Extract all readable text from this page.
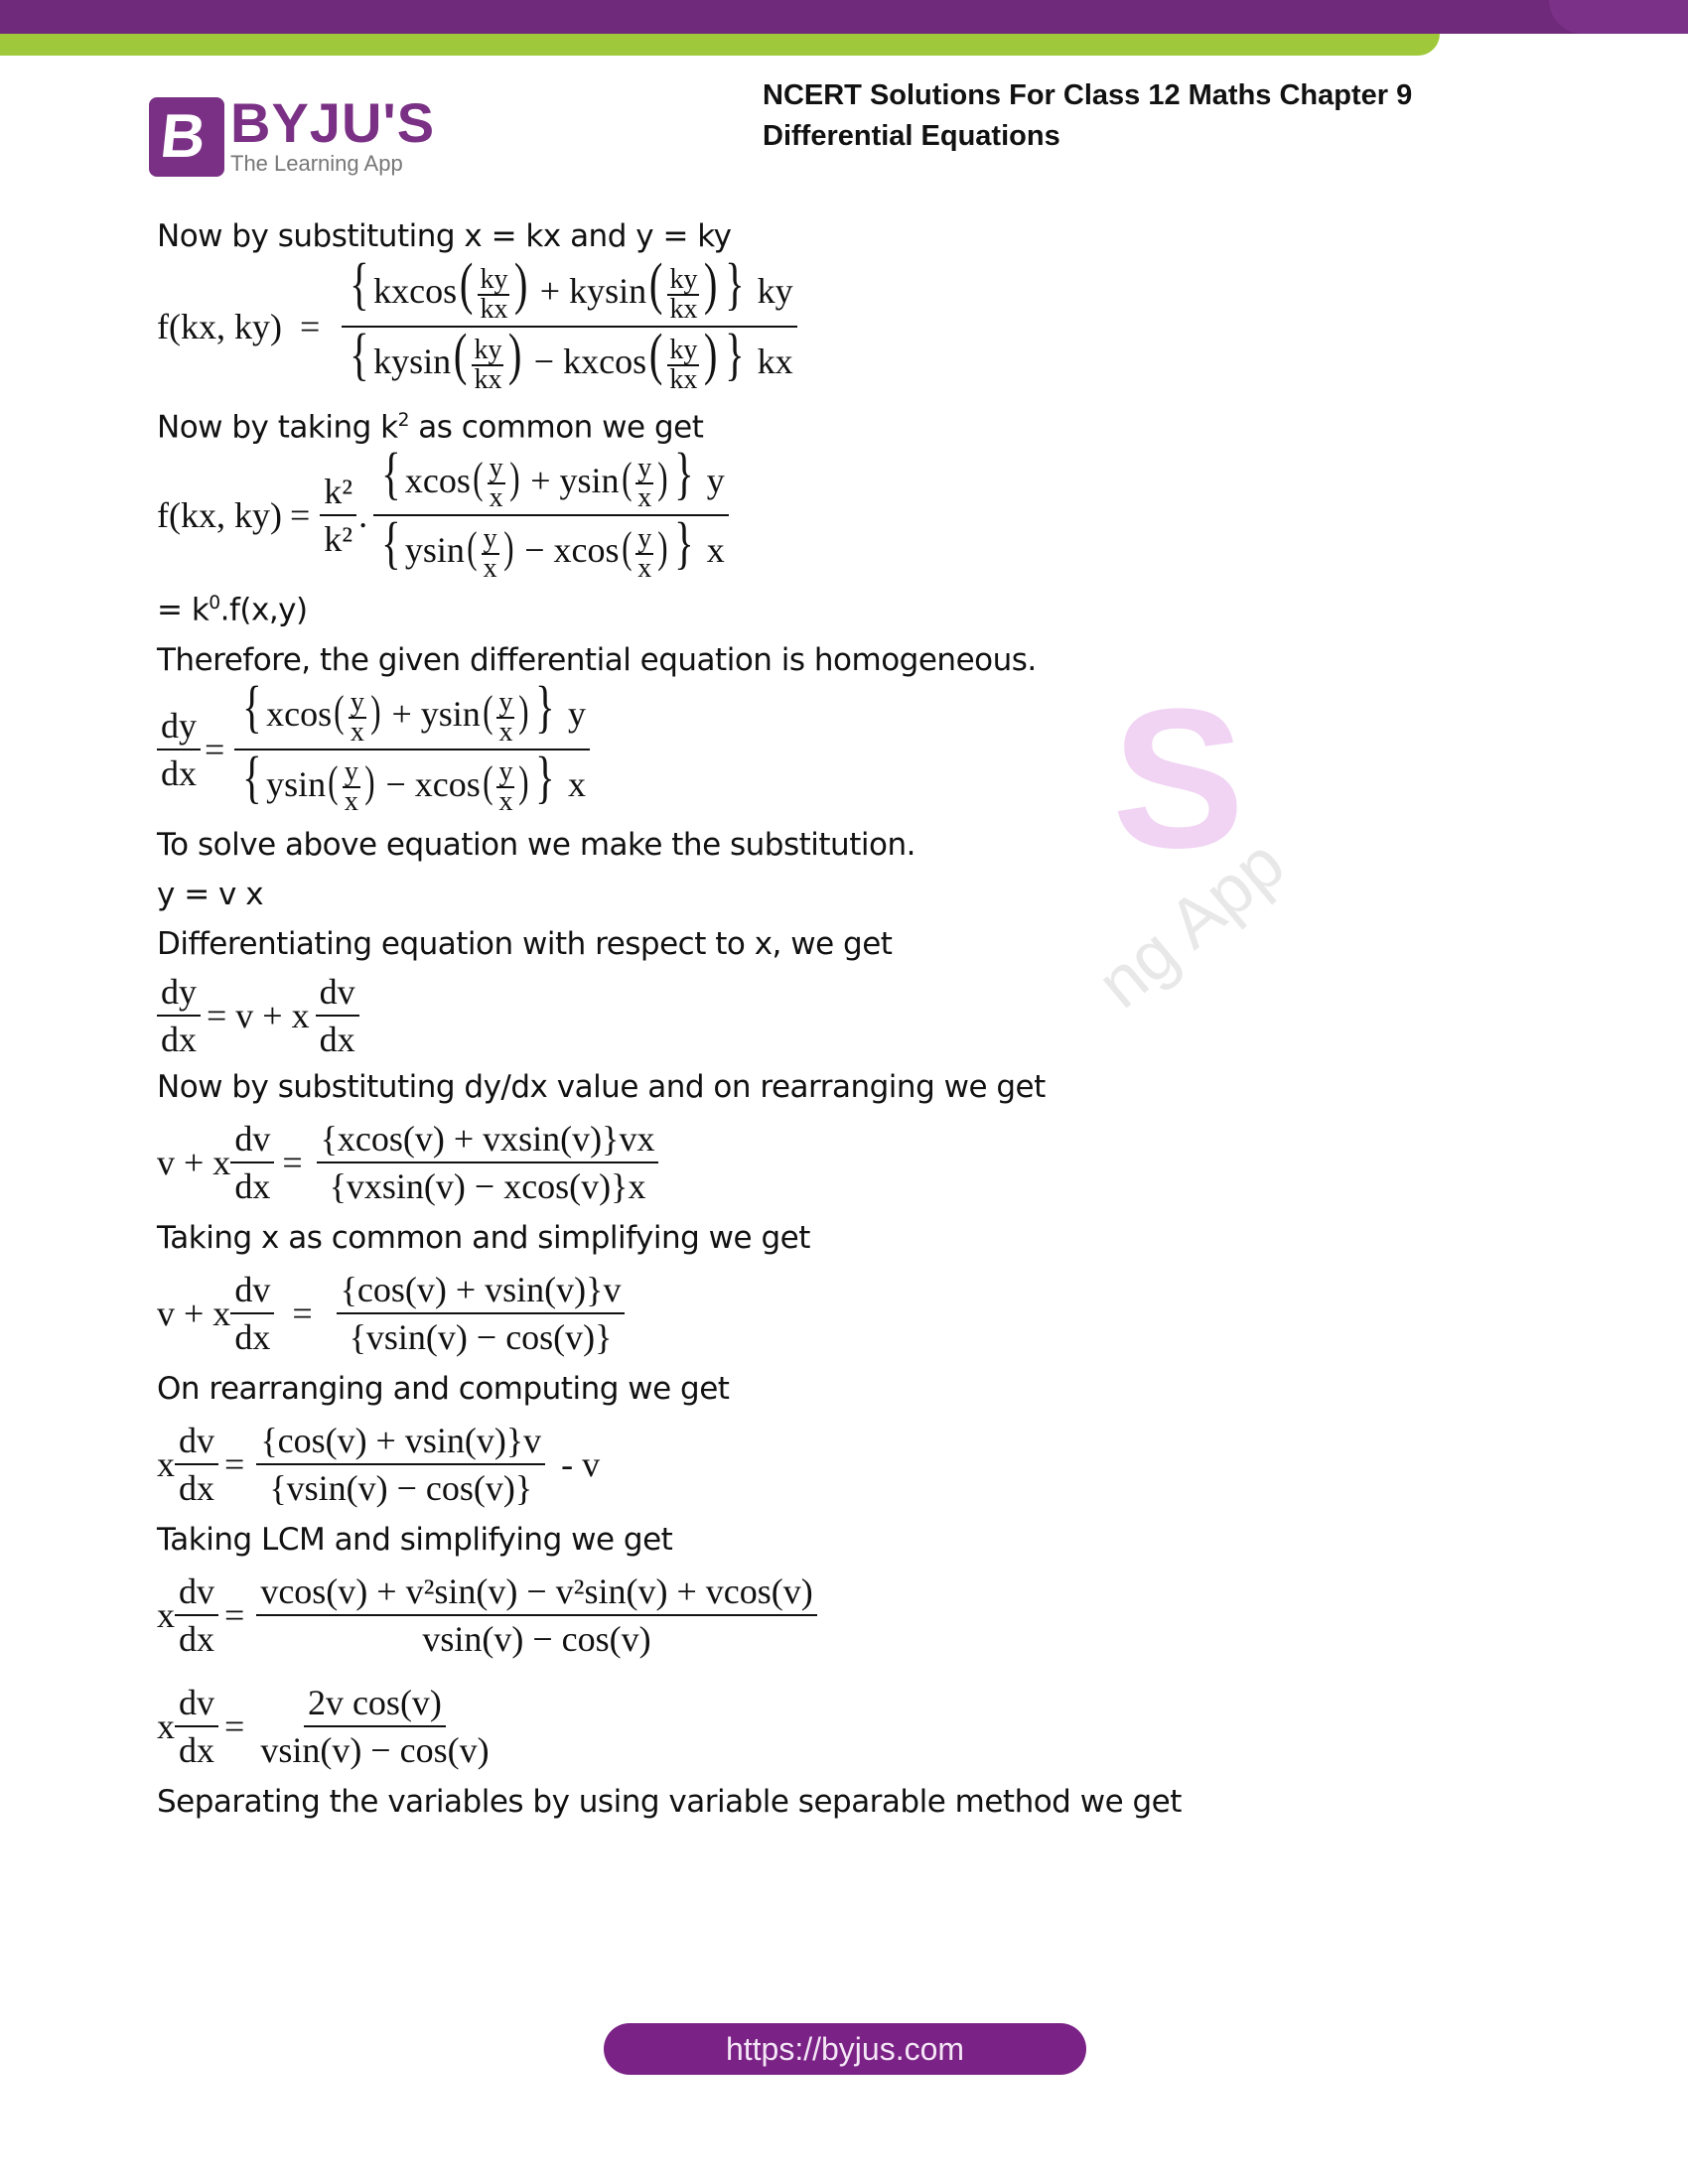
B BYJU'S
The Learning App
NCERT Solutions For Class 12 Maths Chapter 9
Differential Equations
S
ng App

Now by substituting x = kx and y = ky

f(kx, $ky) = \frac{\{ kxcos( \frac{ky}{kx} ) + kysin( \frac{ky}{kx} ) \} ky}{\{ kysin( \frac{ky}{kx} ) - kxcos( \frac{ky}{kx} ) \} kx}$

Now by taking $k^2$ as common we get

f(kx, $ky) = \frac{\text{k²}}{\text{k²}}$ . $\frac{\{ xcos( \frac{y}{x} ) + ysin( \frac{y}{x} ) \} y}{\{ ysin( \frac{y}{x} ) - xcos( \frac{y}{x} ) \} x}$

= $k^0.f(x,y)$

Therefore, the given differential equation is homogeneous.

$\frac{dy}{dx} = \frac{\{ xcos( \frac{y}{x} ) + ysin( \frac{y}{x} ) \} y}{\{ ysin( \frac{y}{x} ) - xcos( \frac{y}{x} ) \} x}$

To solve above equation we make the substitution.

y = v x

Differentiating equation with respect to x, we get

$\frac{dy}{dx} = v + x \frac{dv}{dx}$

Now by substituting dy/dx value and on rearranging we get

v + x $\frac{dv}{dx} = \frac{\{xcos(v) + vxsin(v)\}vx}{\{vxsin(v) - xcos(v)\}x}$

Taking x as common and simplifying we get

v + x $\frac{dv}{dx} = \frac{\{\cos(v) + vsin(v)\}v}{\{vsin(v) - \cos(v)\}}$

On rearranging and computing we get

x $\frac{dv}{dx} = \frac{\{\cos(v) + vsin(v)\}v}{\{vsin(v) - \cos(v)\}} - v$

Taking LCM and simplifying we get

x $\frac{dv}{dx} = \frac{\text{vcos(v) + v²sin(v) − v²sin(v) + vcos(v)}}{vsin(v) - \cos(v)}$
x $\frac{dv}{dx} = \frac{\text{2v cos(v)}}{vsin(v) - \cos(v)}$

Separating the variables by using variable separable method we get

https://byjus.com
